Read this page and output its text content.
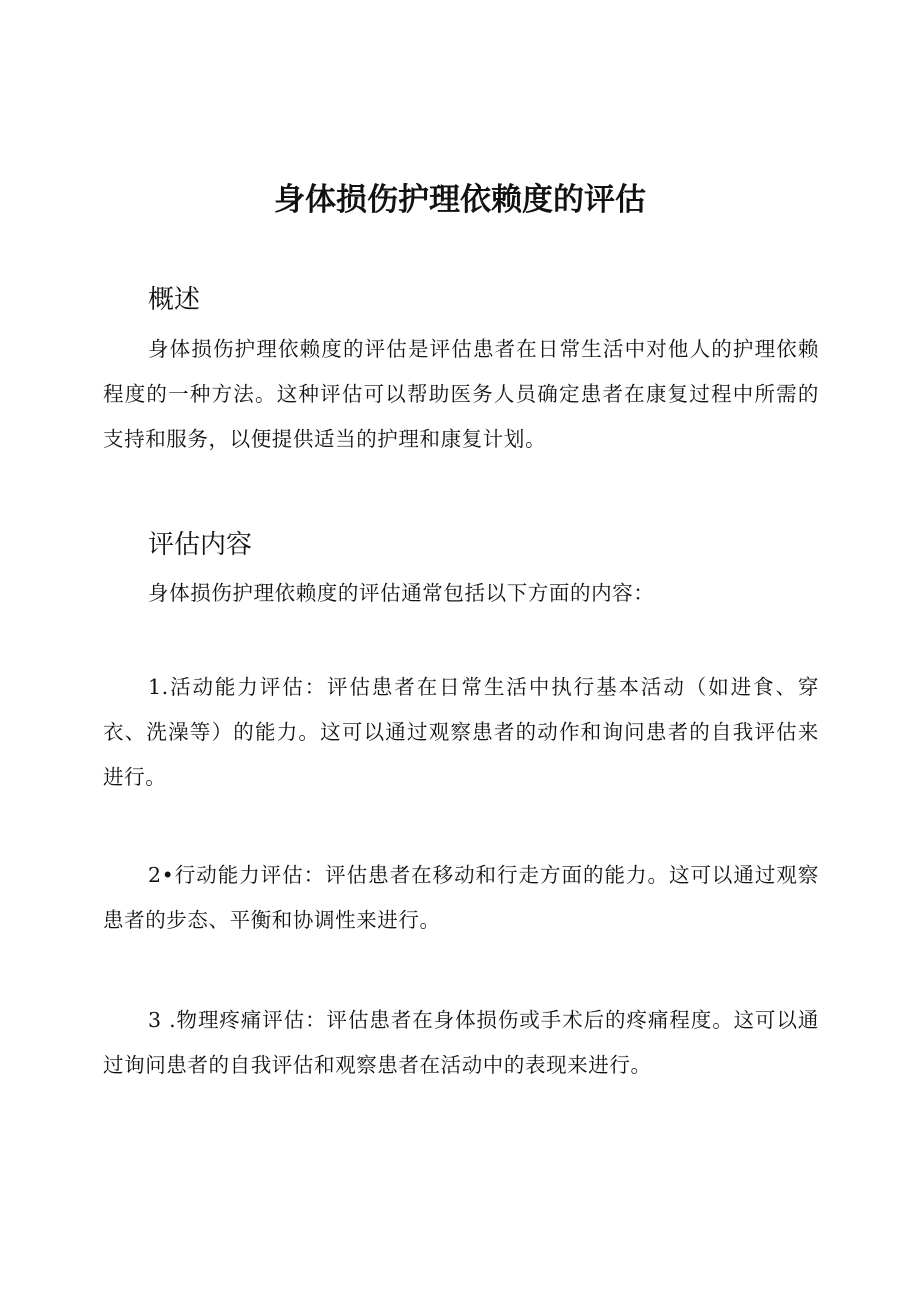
身体损伤护理依赖度的评估
概述

身体损伤护理依赖度的评估是评估患者在日常生活中对他人的护理依赖程度的一种方法。这种评估可以帮助医务人员确定患者在康复过程中所需的支持和服务，以便提供适当的护理和康复计划。

评估内容

身体损伤护理依赖度的评估通常包括以下方面的内容：

1.活动能力评估：评估患者在日常生活中执行基本活动（如进食、穿衣、洗澡等）的能力。这可以通过观察患者的动作和询问患者的自我评估来进行。

2•行动能力评估：评估患者在移动和行走方面的能力。这可以通过观察患者的步态、平衡和协调性来进行。

3 .物理疼痛评估：评估患者在身体损伤或手术后的疼痛程度。这可以通过询问患者的自我评估和观察患者在活动中的表现来进行。
